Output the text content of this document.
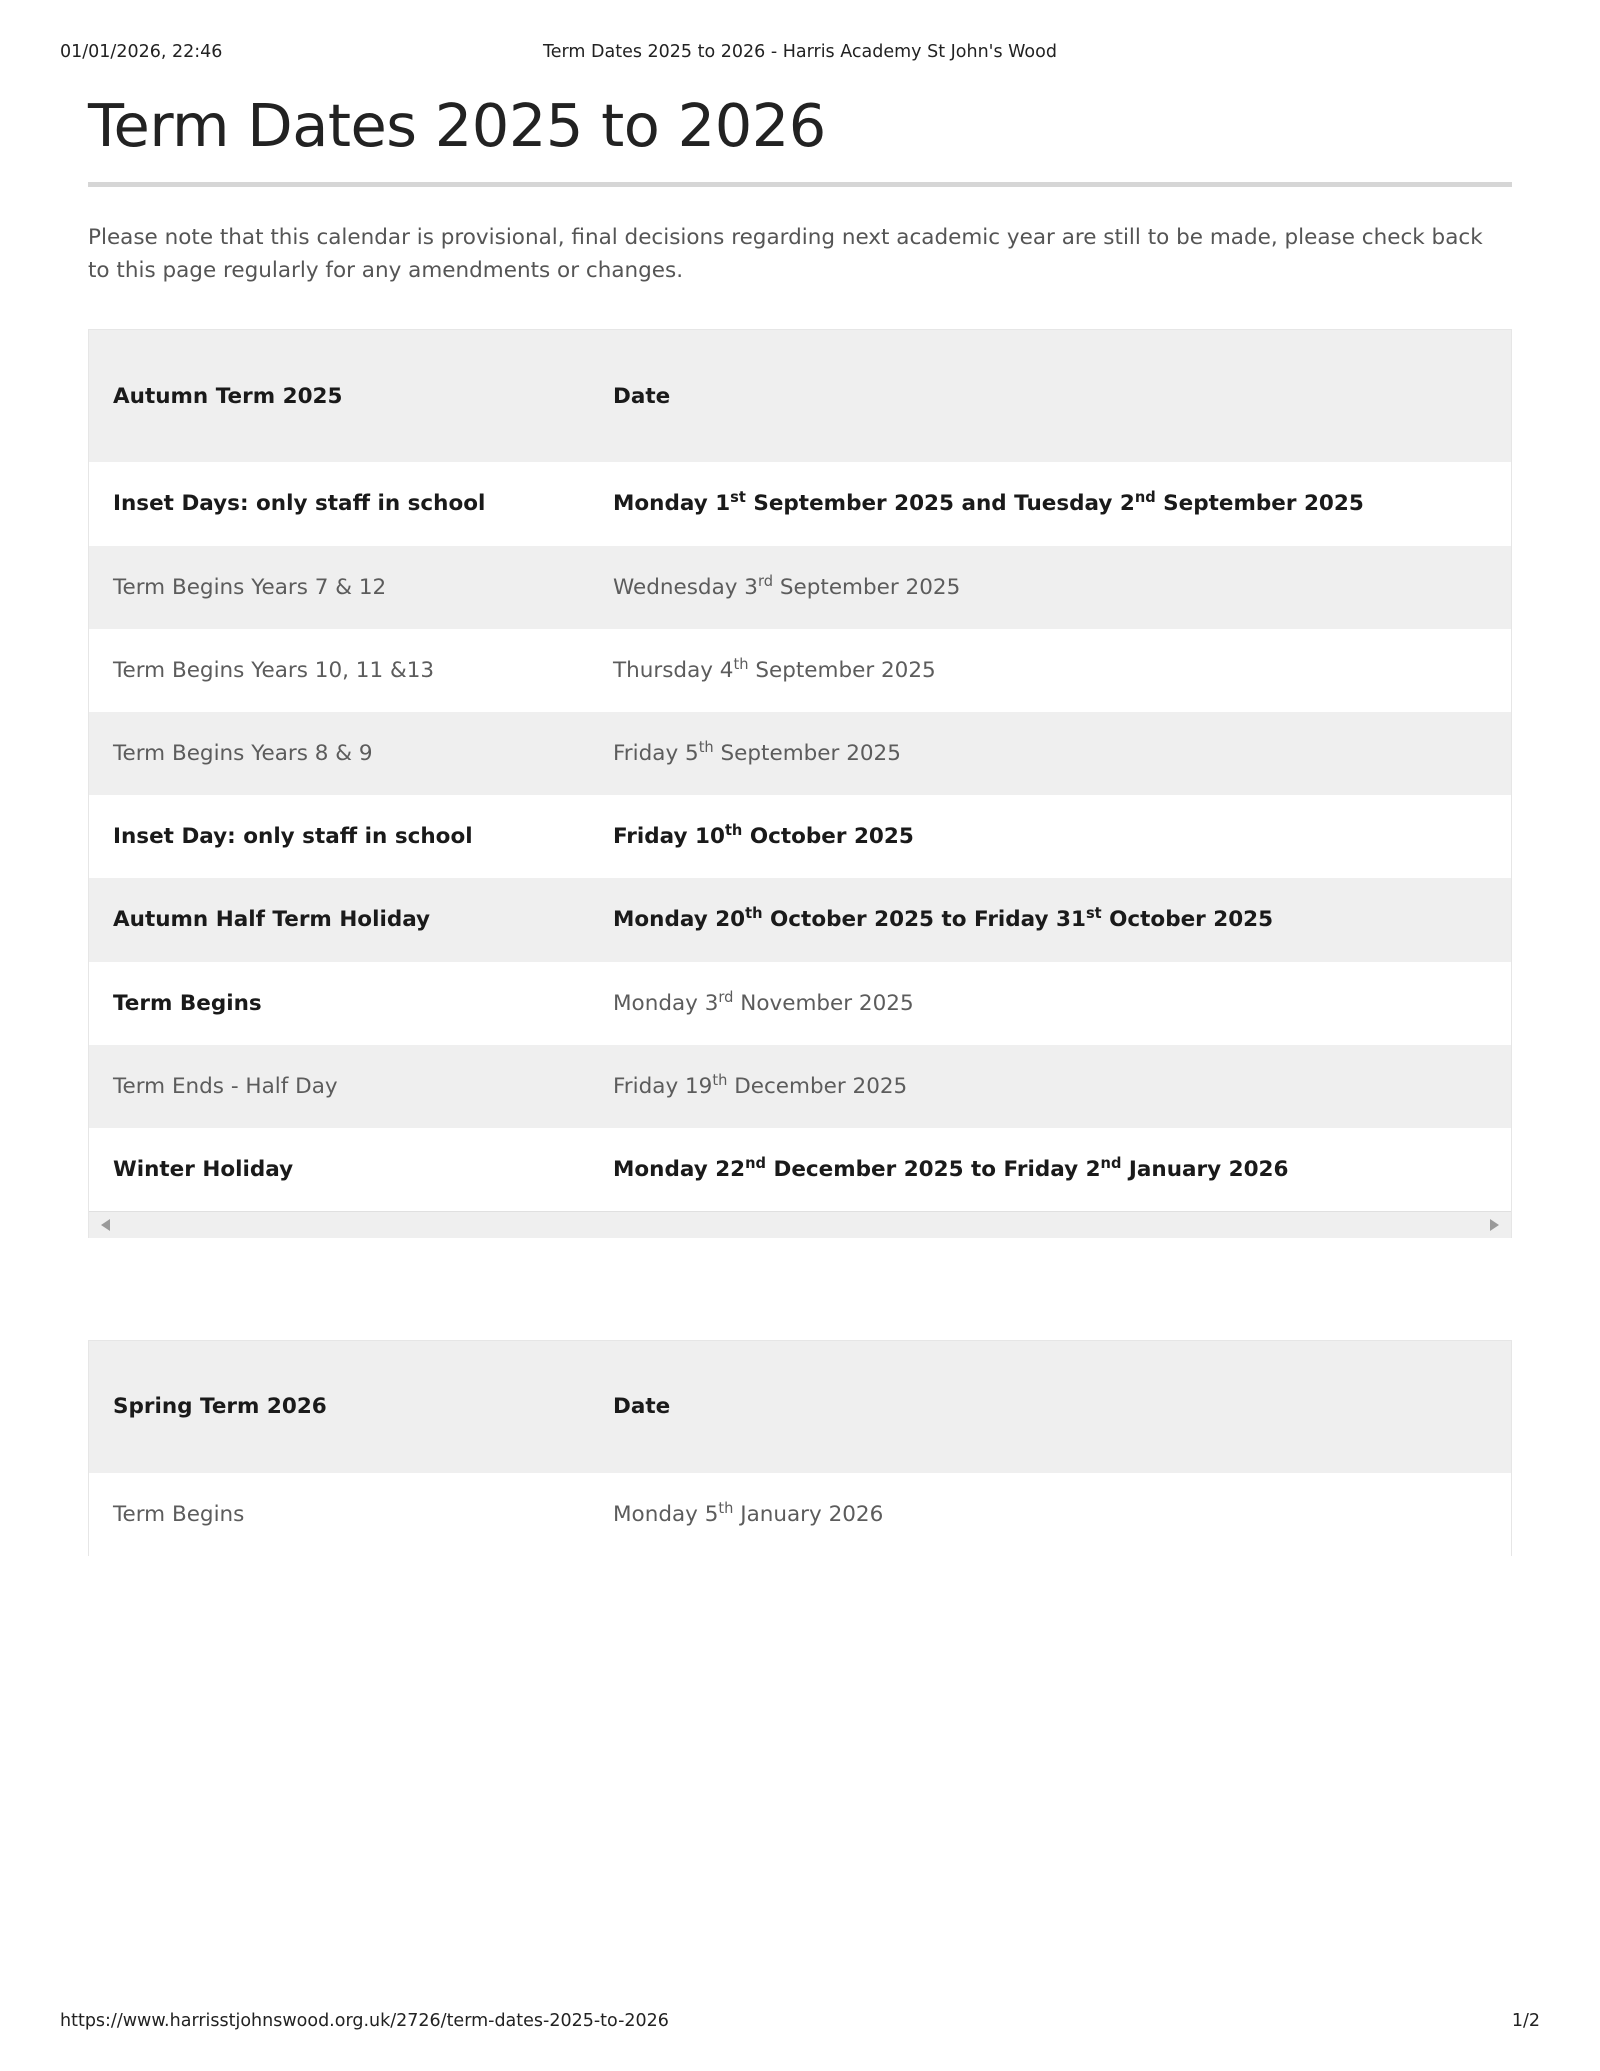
01/01/2026, 22:46	Term Dates 2025 to 2026 - Harris Academy St John's Wood
Term Dates 2025 to 2026

Please note that this calendar is provisional, final decisions regarding next academic year are still to be made, please check back to this page regularly for any amendments or changes.

Autumn Term 2025	Date
Inset Days: only staff in school	Monday 1st September 2025 and Tuesday 2nd September 2025
Term Begins Years 7 & 12	Wednesday 3rd September 2025
Term Begins Years 10, 11 &13	Thursday 4th September 2025
Term Begins Years 8 & 9	Friday 5th September 2025
Inset Day: only staff in school	Friday 10th October 2025
Autumn Half Term Holiday	Monday 20th October 2025 to Friday 31st October 2025
Term Begins	Monday 3rd November 2025
Term Ends - Half Day	Friday 19th December 2025
Winter Holiday	Monday 22nd December 2025 to Friday 2nd January 2026
Spring Term 2026	Date
Term Begins	Monday 5th January 2026
https://www.harrisstjohnswood.org.uk/2726/term-dates-2025-to-2026	1/2
